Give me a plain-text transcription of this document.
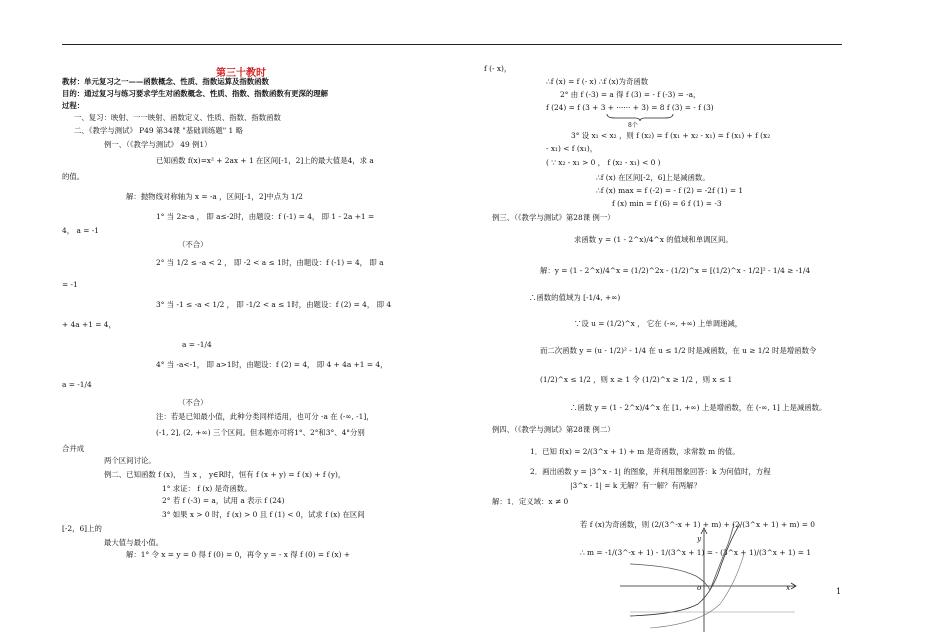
第三十教时
教材：单元复习之一——函数概念、性质、指数运算及指数函数
目的：通过复习与练习要求学生对函数概念、性质、指数、指数函数有更深的理解
过程：
一、复习：映射、一一映射、函数定义、性质、指数、指数函数
二、《教学与测试》 P49 第34课 "基础训练题" 1 略
例一、（《教学与测试》 49 例1）
已知函数 f(x)=x² + 2ax + 1 在区间[-1，2]上的最大值是4，求 a
的值。
解：抛物线对称轴为 x = -a ，区间[-1，2]中点为 1/2
1° 当 2≥-a ， 即 a≤-2时，由题设：f (-1) = 4， 即 1 - 2a +1 =
4， a = -1
（不合）
2° 当 1/2 ≤ -a < 2 ， 即 -2 < a ≤ 1时，由题设：f (-1) = 4， 即 a
= -1
3° 当 -1 ≤ -a < 1/2 ， 即 -1/2 < a ≤ 1时，由题设：f (2) = 4， 即 4
+ 4a +1 = 4，
a = -1/4
4° 当 -a<-1， 即 a>1时，由题设：f (2) = 4， 即 4 + 4a +1 = 4，
a = -1/4
（不合）
注：若是已知最小值，此种分类同样适用，也可分 -a 在 (-∞, -1]，
(-1, 2], (2, +∞) 三个区间。但本题亦可将1°、2°和3°、4°分别
合并成
两个区间讨论。
例二、已知函数 f (x)， 当 x ， y∈R时，恒有 f (x + y) = f (x) + f (y)，
1° 求证： f (x) 是奇函数。
2° 若 f (-3) = a，试用 a 表示 f (24)
3° 如果 x > 0 时，f (x) > 0 且 f (1) < 0，试求 f (x) 在区间
[-2，6]上的
最大值与最小值。
解：1° 令 x = y = 0 得 f (0) = 0，再令 y = - x 得 f (0) = f (x) +
f (- x)，
∴f (x) = f (- x) ∴f (x)为奇函数
2° 由 f (-3) = a 得 f (3) = - f (-3) = -a，
f (24) = f (3 + 3 + ······ + 3) = 8 f (3) = - f (3)
8个
3° 设 x₁ < x₂ ，则 f (x₂) = f (x₁ + x₂ - x₁) = f (x₁) + f (x₂
- x₁) < f (x₁)，
( ∵ x₂ - x₁ > 0 ， f (x₂ - x₁) < 0 )
∴f (x) 在区间[-2，6]上是减函数。
∴f (x) max = f (-2) = - f (2) = -2f (1) = 1
f (x) min = f (6) = 6 f (1) = -3
例三、（《教学与测试》第28课 例一）
求函数 y = (1 - 2^x)/4^x 的值域和单调区间。
解：y = (1 - 2^x)/4^x = (1/2)^2x - (1/2)^x = [(1/2)^x - 1/2]² - 1/4 ≥ -1/4
∴函数的值域为 [-1/4, +∞)
∵设 u = (1/2)^x ， 它在 (-∞, +∞) 上单调递减，
而二次函数 y = (u - 1/2)² - 1/4 在 u ≤ 1/2 时是减函数，在 u ≥ 1/2 时是增函数令
(1/2)^x ≤ 1/2 ，则 x ≥ 1 令 (1/2)^x ≥ 1/2 ，则 x ≤ 1
∴函数 y = (1 - 2^x)/4^x 在 [1, +∞) 上是增函数，在 (-∞, 1] 上是减函数。
例四、（《教学与测试》第28课 例二）
1．已知 f(x) = 2/(3^x + 1) + m 是奇函数，求常数 m 的值。
2．画出函数 y = |3^x - 1| 的图象，并利用图象回答：k 为何值时，方程
|3^x - 1| = k 无解？有一解？有两解？
解：1．定义域：x ≠ 0
若 f (x)为奇函数，则 (2/(3^-x + 1) + m) + (2/(3^x + 1) + m) = 0
∴ m = -1/(3^-x + 1) - 1/(3^x + 1) = - (3^x + 1)/(3^x + 1) = 1
y
x
o	1
